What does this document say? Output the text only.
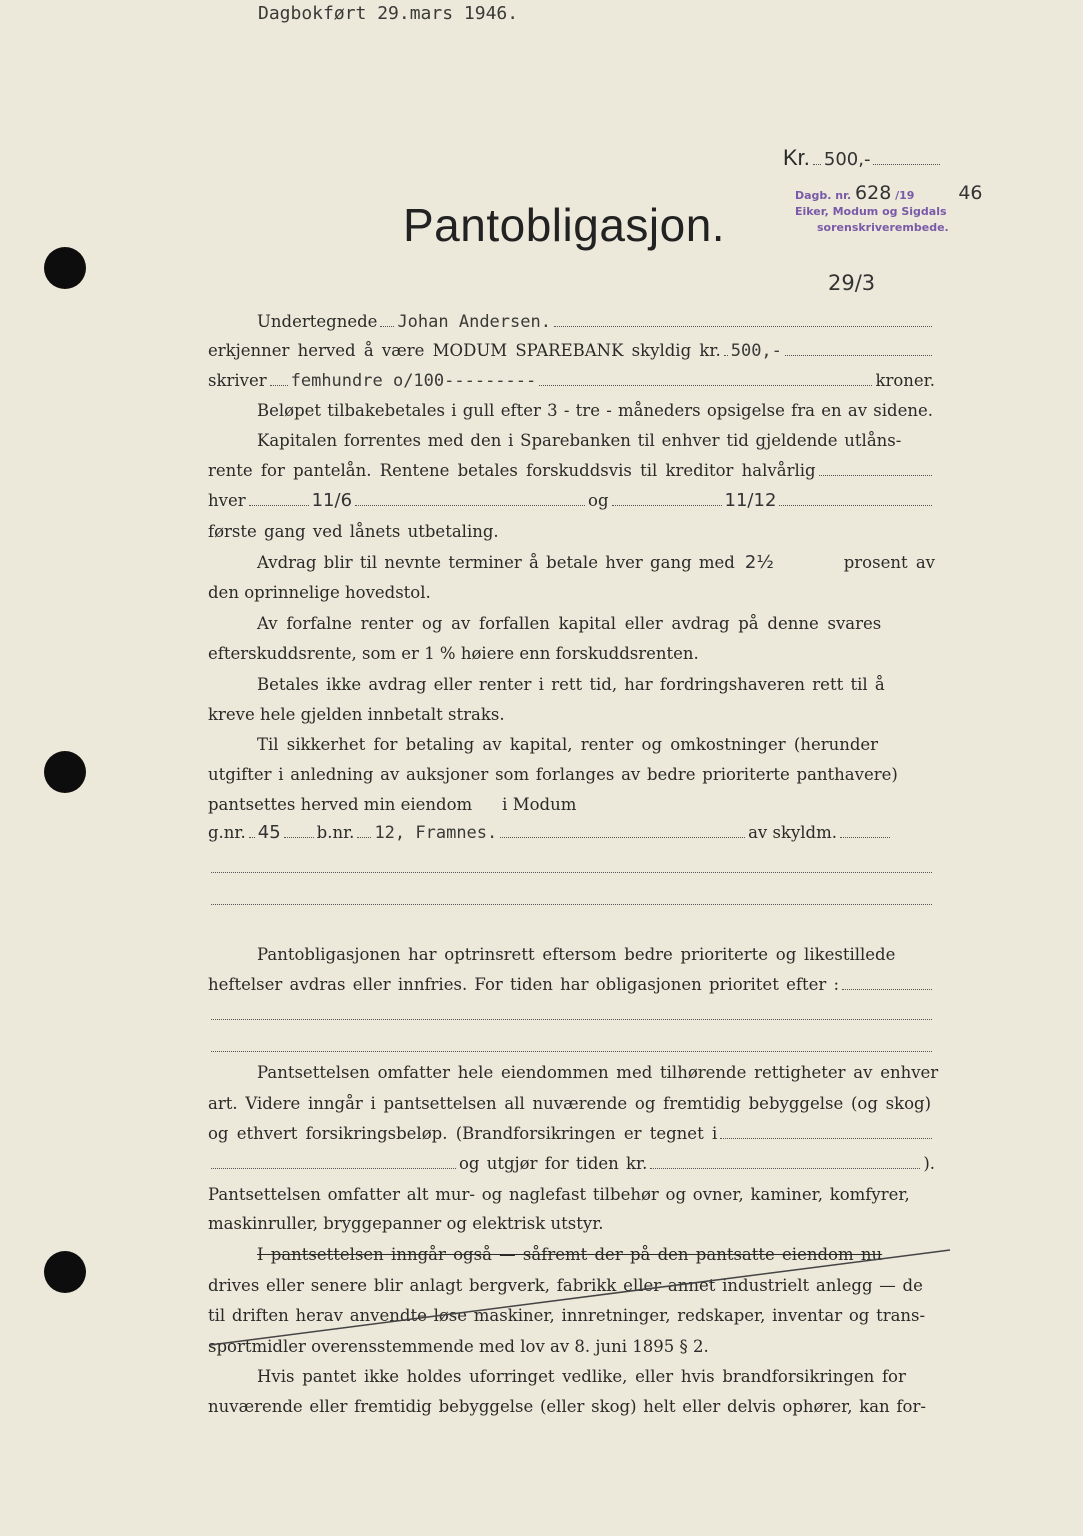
Dagbokført 29.mars 1946.
Kr. 500,-
Pantobligasjon.
Dagb. nr. 628 /19 46
Eiker, Modum og Sigdals
sorenskriverembede.
29/3
Undertegnede Johan Andersen.
erkjenner herved å være MODUM SPAREBANK skyldig kr. 500,-
skriver femhundre o/100---------	kroner.
Beløpet tilbakebetales i gull efter 3 - tre - måneders opsigelse fra en av sidene.
Kapitalen forrentes med den i Sparebanken til enhver tid gjeldende utlåns-
rente for pantelån. Rentene betales forskuddsvis til kreditor halvårlig
hver	11/6	og	11/12
første gang ved lånets utbetaling.
Avdrag blir til nevnte terminer å betale hver gang med 2½	prosent av
den oprinnelige hovedstol.
Av forfalne renter og av forfallen kapital eller avdrag på denne svares
efterskuddsrente, som er 1 % høiere enn forskuddsrenten.
Betales ikke avdrag eller renter i rett tid, har fordringshaveren rett til å
kreve hele gjelden innbetalt straks.
Til sikkerhet for betaling av kapital, renter og omkostninger (herunder
utgifter i anledning av auksjoner som forlanges av bedre prioriterte panthavere)
pantsettes herved min eiendom i Modum
g.nr. 45 b.nr. 12, Framnes.	av skyldm.
Pantobligasjonen har optrinsrett eftersom bedre prioriterte og likestillede
heftelser avdras eller innfries. For tiden har obligasjonen prioritet efter :
Pantsettelsen omfatter hele eiendommen med tilhørende rettigheter av enhver
art. Videre inngår i pantsettelsen all nuværende og fremtidig bebyggelse (og skog)
og ethvert forsikringsbeløp. (Brandforsikringen er tegnet i
og utgjør for tiden kr.	).
Pantsettelsen omfatter alt mur- og naglefast tilbehør og ovner, kaminer, komfyrer,
maskinruller, bryggepanner og elektrisk utstyr.
I pantsettelsen inngår også — såfremt der på den pantsatte eiendom nu
drives eller senere blir anlagt bergverk, fabrikk eller annet industrielt anlegg — de
til driften herav anvendte løse maskiner, innretninger, redskaper, inventar og trans-
sportmidler overensstemmende med lov av 8. juni 1895 § 2.
Hvis pantet ikke holdes uforringet vedlike, eller hvis brandforsikringen for
nuværende eller fremtidig bebyggelse (eller skog) helt eller delvis ophører, kan for-
